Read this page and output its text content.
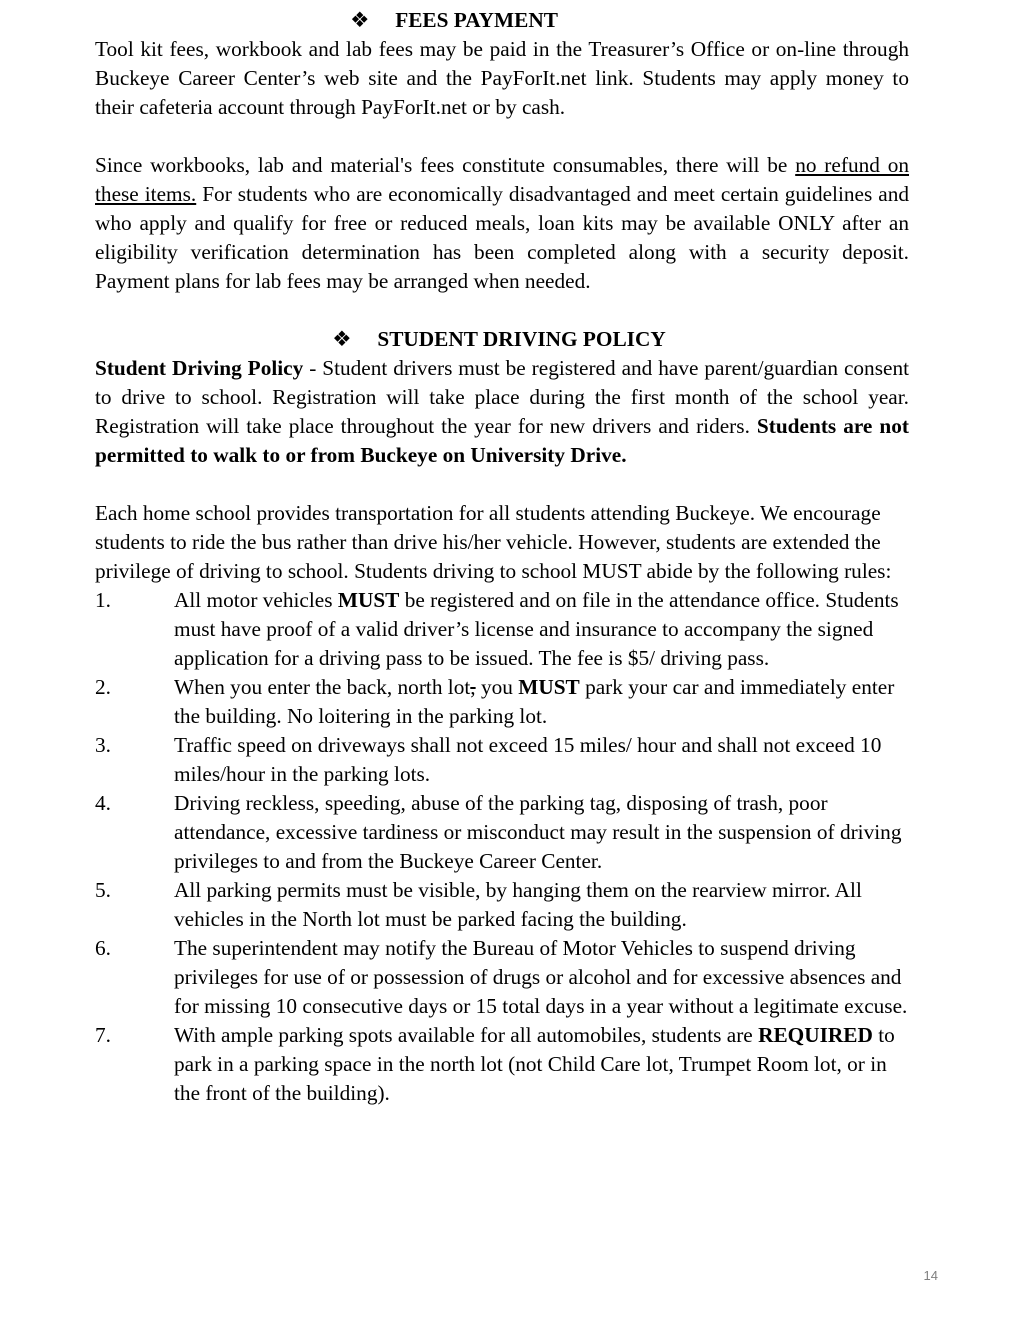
❖ FEES PAYMENT

Tool kit fees, workbook and lab fees may be paid in the Treasurer’s Office or on-line through Buckeye Career Center’s web site and the PayForIt.net link. Students may apply money to their cafeteria account through PayForIt.net or by cash.

Since workbooks, lab and material's fees constitute consumables, there will be no refund on these items. For students who are economically disadvantaged and meet certain guidelines and who apply and qualify for free or reduced meals, loan kits may be available ONLY after an eligibility verification determination has been completed along with a security deposit. Payment plans for lab fees may be arranged when needed.

❖ STUDENT DRIVING POLICY

Student Driving Policy - Student drivers must be registered and have parent/guardian consent to drive to school. Registration will take place during the first month of the school year. Registration will take place throughout the year for new drivers and riders. Students are not permitted to walk to or from Buckeye on University Drive.

Each home school provides transportation for all students attending Buckeye. We encourage students to ride the bus rather than drive his/her vehicle. However, students are extended the privilege of driving to school. Students driving to school MUST abide by the following rules:

1.	All motor vehicles MUST be registered and on file in the attendance office. Students must have proof of a valid driver’s license and insurance to accompany the signed application for a driving pass to be issued. The fee is $5/ driving pass.
2.	When you enter the back, north lot, you MUST park your car and immediately enter the building. No loitering in the parking lot.
3.	Traffic speed on driveways shall not exceed 15 miles/ hour and shall not exceed 10 miles/hour in the parking lots.
4.	Driving reckless, speeding, abuse of the parking tag, disposing of trash, poor attendance, excessive tardiness or misconduct may result in the suspension of driving privileges to and from the Buckeye Career Center.
5.	All parking permits must be visible, by hanging them on the rearview mirror. All vehicles in the North lot must be parked facing the building.
6.	The superintendent may notify the Bureau of Motor Vehicles to suspend driving privileges for use of or possession of drugs or alcohol and for excessive absences and for missing 10 consecutive days or 15 total days in a year without a legitimate excuse.
7.	With ample parking spots available for all automobiles, students are REQUIRED to park in a parking space in the north lot (not Child Care lot, Trumpet Room lot, or in the front of the building).
14
